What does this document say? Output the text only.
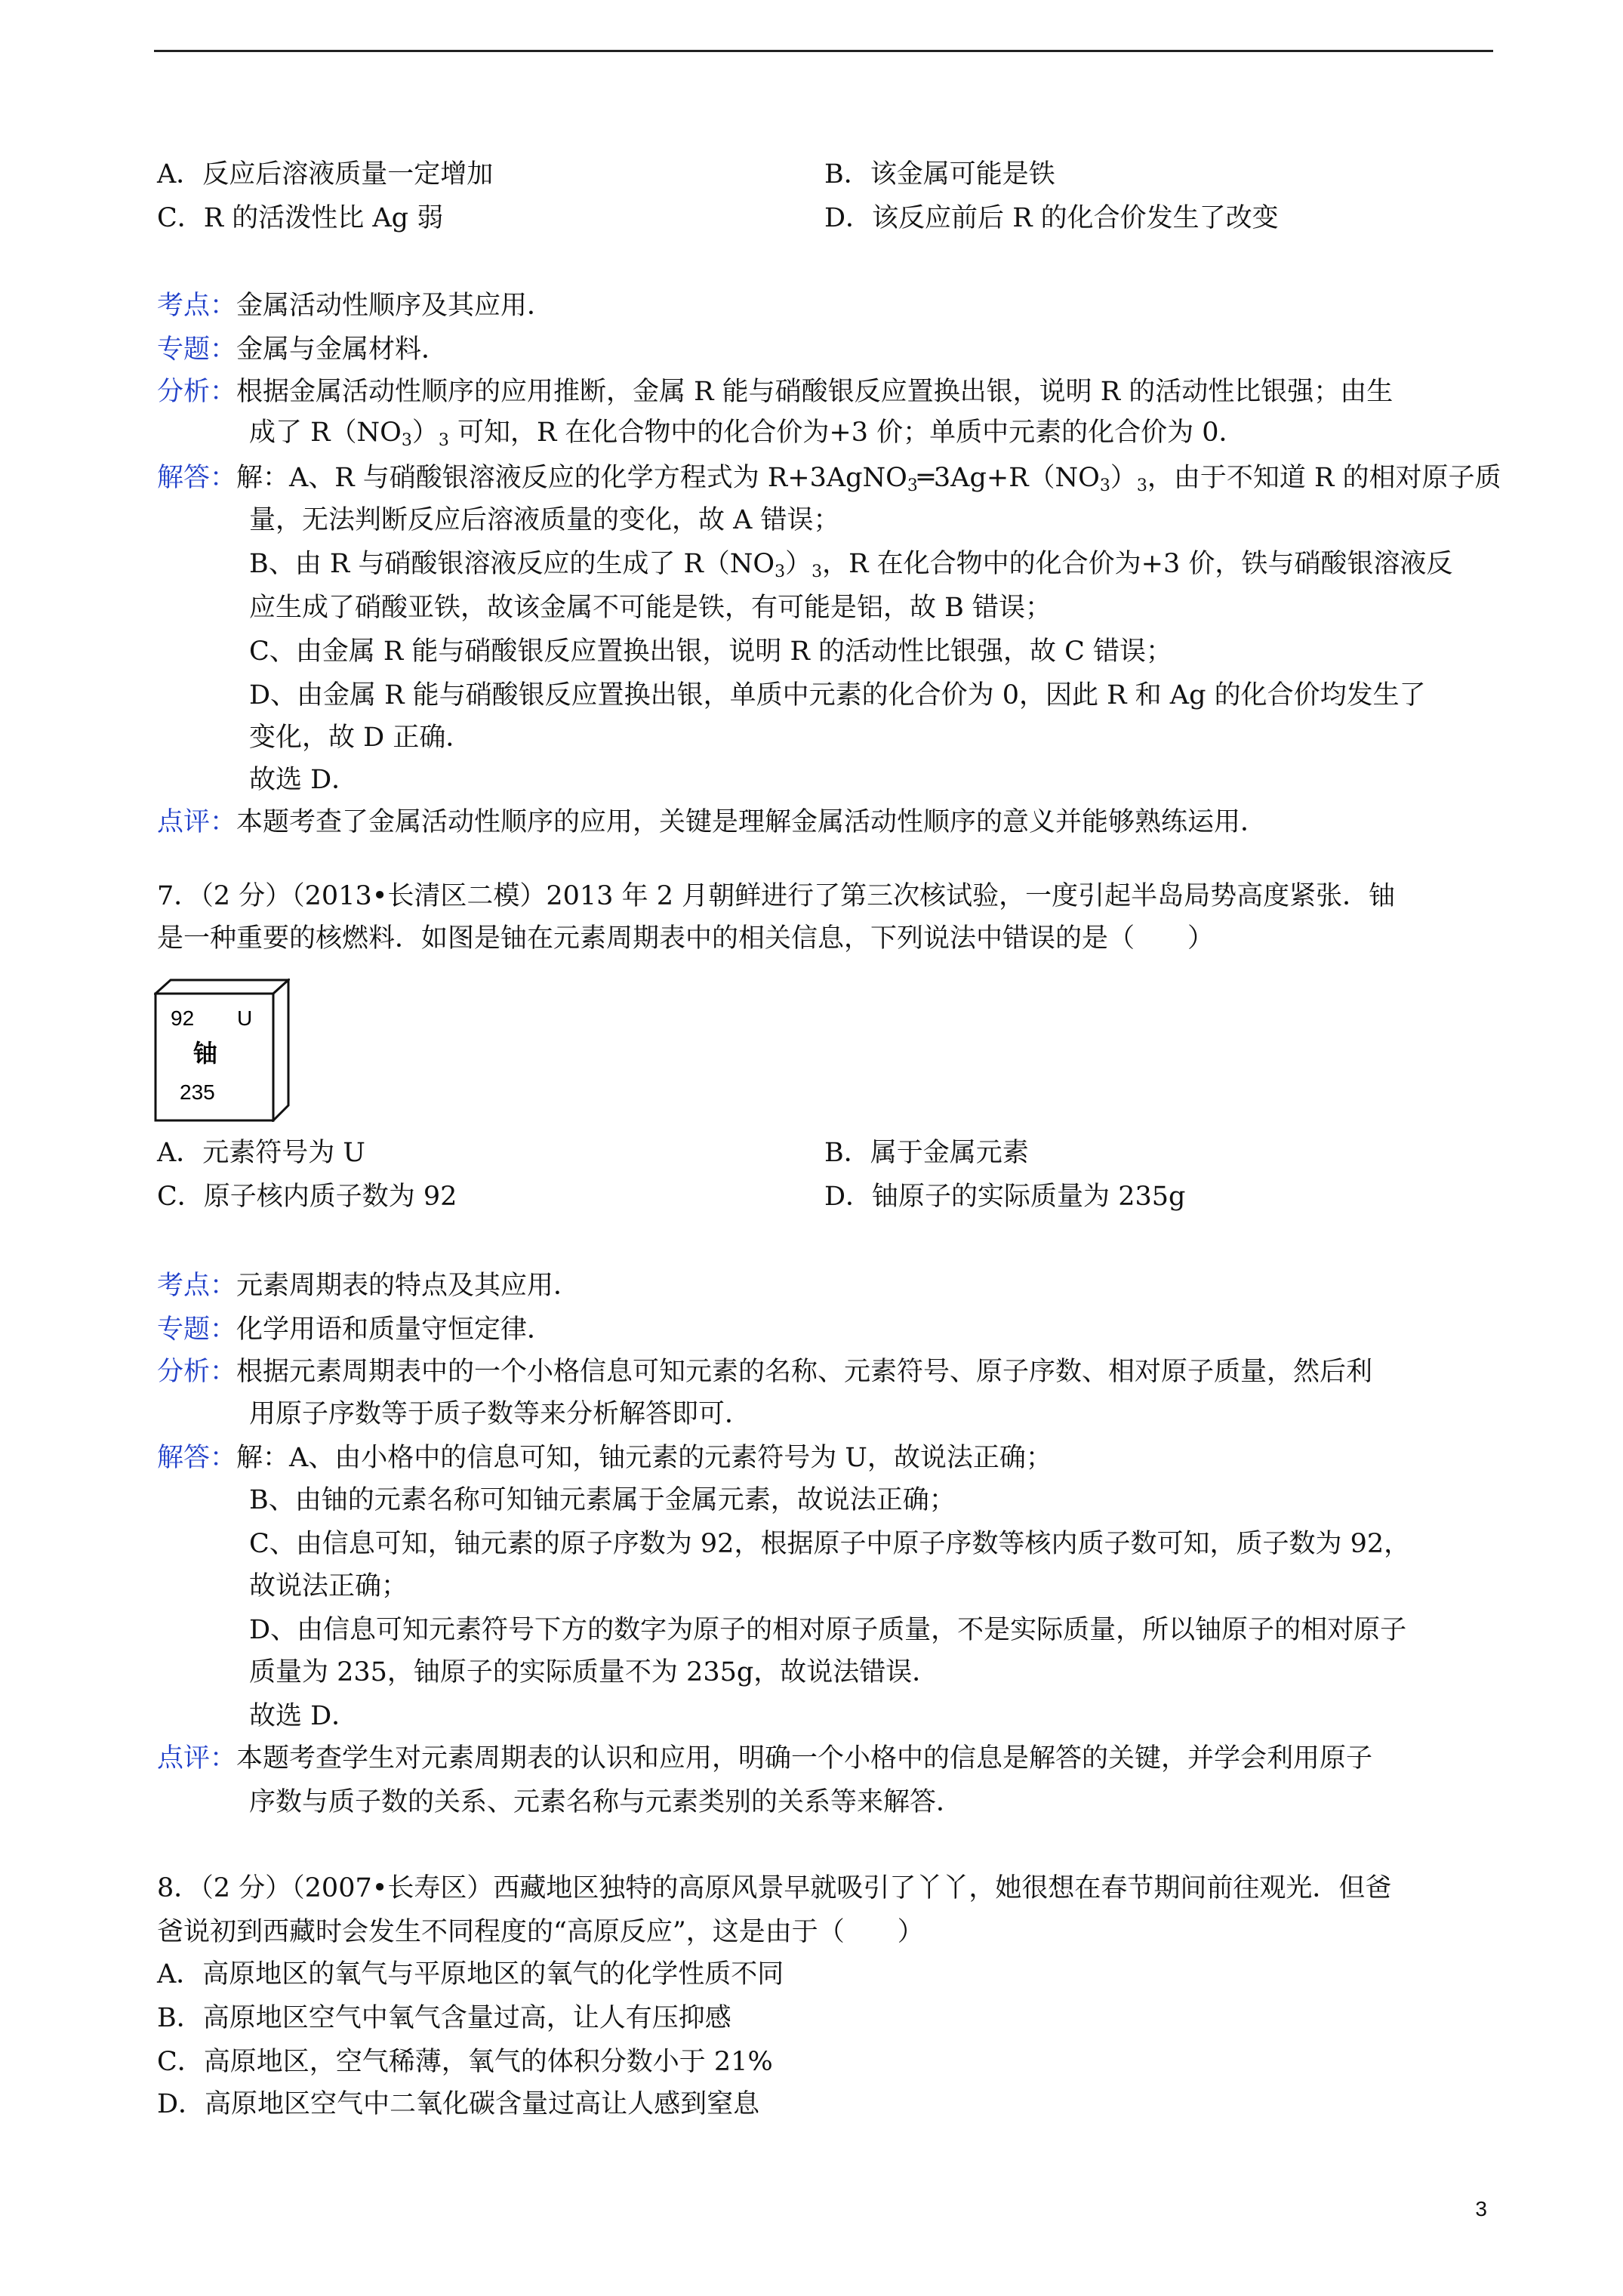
A．反应后溶液质量一定增加	B．该金属可能是铁
C．R 的活泼性比 Ag 弱	D．该反应前后 R 的化合价发生了改变
考点：金属活动性顺序及其应用．
专题：金属与金属材料．
分析：根据金属活动性顺序的应用推断，金属 R 能与硝酸银反应置换出银，说明 R 的活动性比银强；由生
成了 $R(NO_3)_3$ 可知，R 在化合物中的化合价为+3 价；单质中元素的化合价为 0．
解答：解：A、R 与硝酸银溶液反应的化学方程式为 $R+3AgNO_3═3Ag+R(NO_3)_3$，由于不知道 R 的相对原子质
量，无法判断反应后溶液质量的变化，故 A 错误；
B、由 R 与硝酸银溶液反应的生成了 $R(NO_3)_3$，R 在化合物中的化合价为+3 价，铁与硝酸银溶液反
应生成了硝酸亚铁，故该金属不可能是铁，有可能是铝，故 B 错误；
C、由金属 R 能与硝酸银反应置换出银，说明 R 的活动性比银强，故 C 错误；
D、由金属 R 能与硝酸银反应置换出银，单质中元素的化合价为 0，因此 R 和 Ag 的化合价均发生了
变化，故 D 正确．
故选 D．
点评：本题考查了金属活动性顺序的应用，关键是理解金属活动性顺序的意义并能够熟练运用．
7．（2 分）（2013•长清区二模）2013 年 2 月朝鲜进行了第三次核试验，一度引起半岛局势高度紧张．铀
是一种重要的核燃料．如图是铀在元素周期表中的相关信息，下列说法中错误的是（　　）
92 U
铀
235
A．元素符号为 U	B．属于金属元素
C．原子核内质子数为 92	D．铀原子的实际质量为 235g
考点：元素周期表的特点及其应用．
专题：化学用语和质量守恒定律．
分析：根据元素周期表中的一个小格信息可知元素的名称、元素符号、原子序数、相对原子质量，然后利
用原子序数等于质子数等来分析解答即可．
解答：解：A、由小格中的信息可知，铀元素的元素符号为 U，故说法正确；
B、由铀的元素名称可知铀元素属于金属元素，故说法正确；
C、由信息可知，铀元素的原子序数为 92，根据原子中原子序数等核内质子数可知，质子数为 92，
故说法正确；
D、由信息可知元素符号下方的数字为原子的相对原子质量，不是实际质量，所以铀原子的相对原子
质量为 235，铀原子的实际质量不为 235g，故说法错误．
故选 D．
点评：本题考查学生对元素周期表的认识和应用，明确一个小格中的信息是解答的关键，并学会利用原子
序数与质子数的关系、元素名称与元素类别的关系等来解答．
8．（2 分）（2007•长寿区）西藏地区独特的高原风景早就吸引了丫丫，她很想在春节期间前往观光．但爸
爸说初到西藏时会发生不同程度的“高原反应”，这是由于（　　）
A．高原地区的氧气与平原地区的氧气的化学性质不同
B．高原地区空气中氧气含量过高，让人有压抑感
C．高原地区，空气稀薄，氧气的体积分数小于 21%
D．高原地区空气中二氧化碳含量过高让人感到窒息
3
